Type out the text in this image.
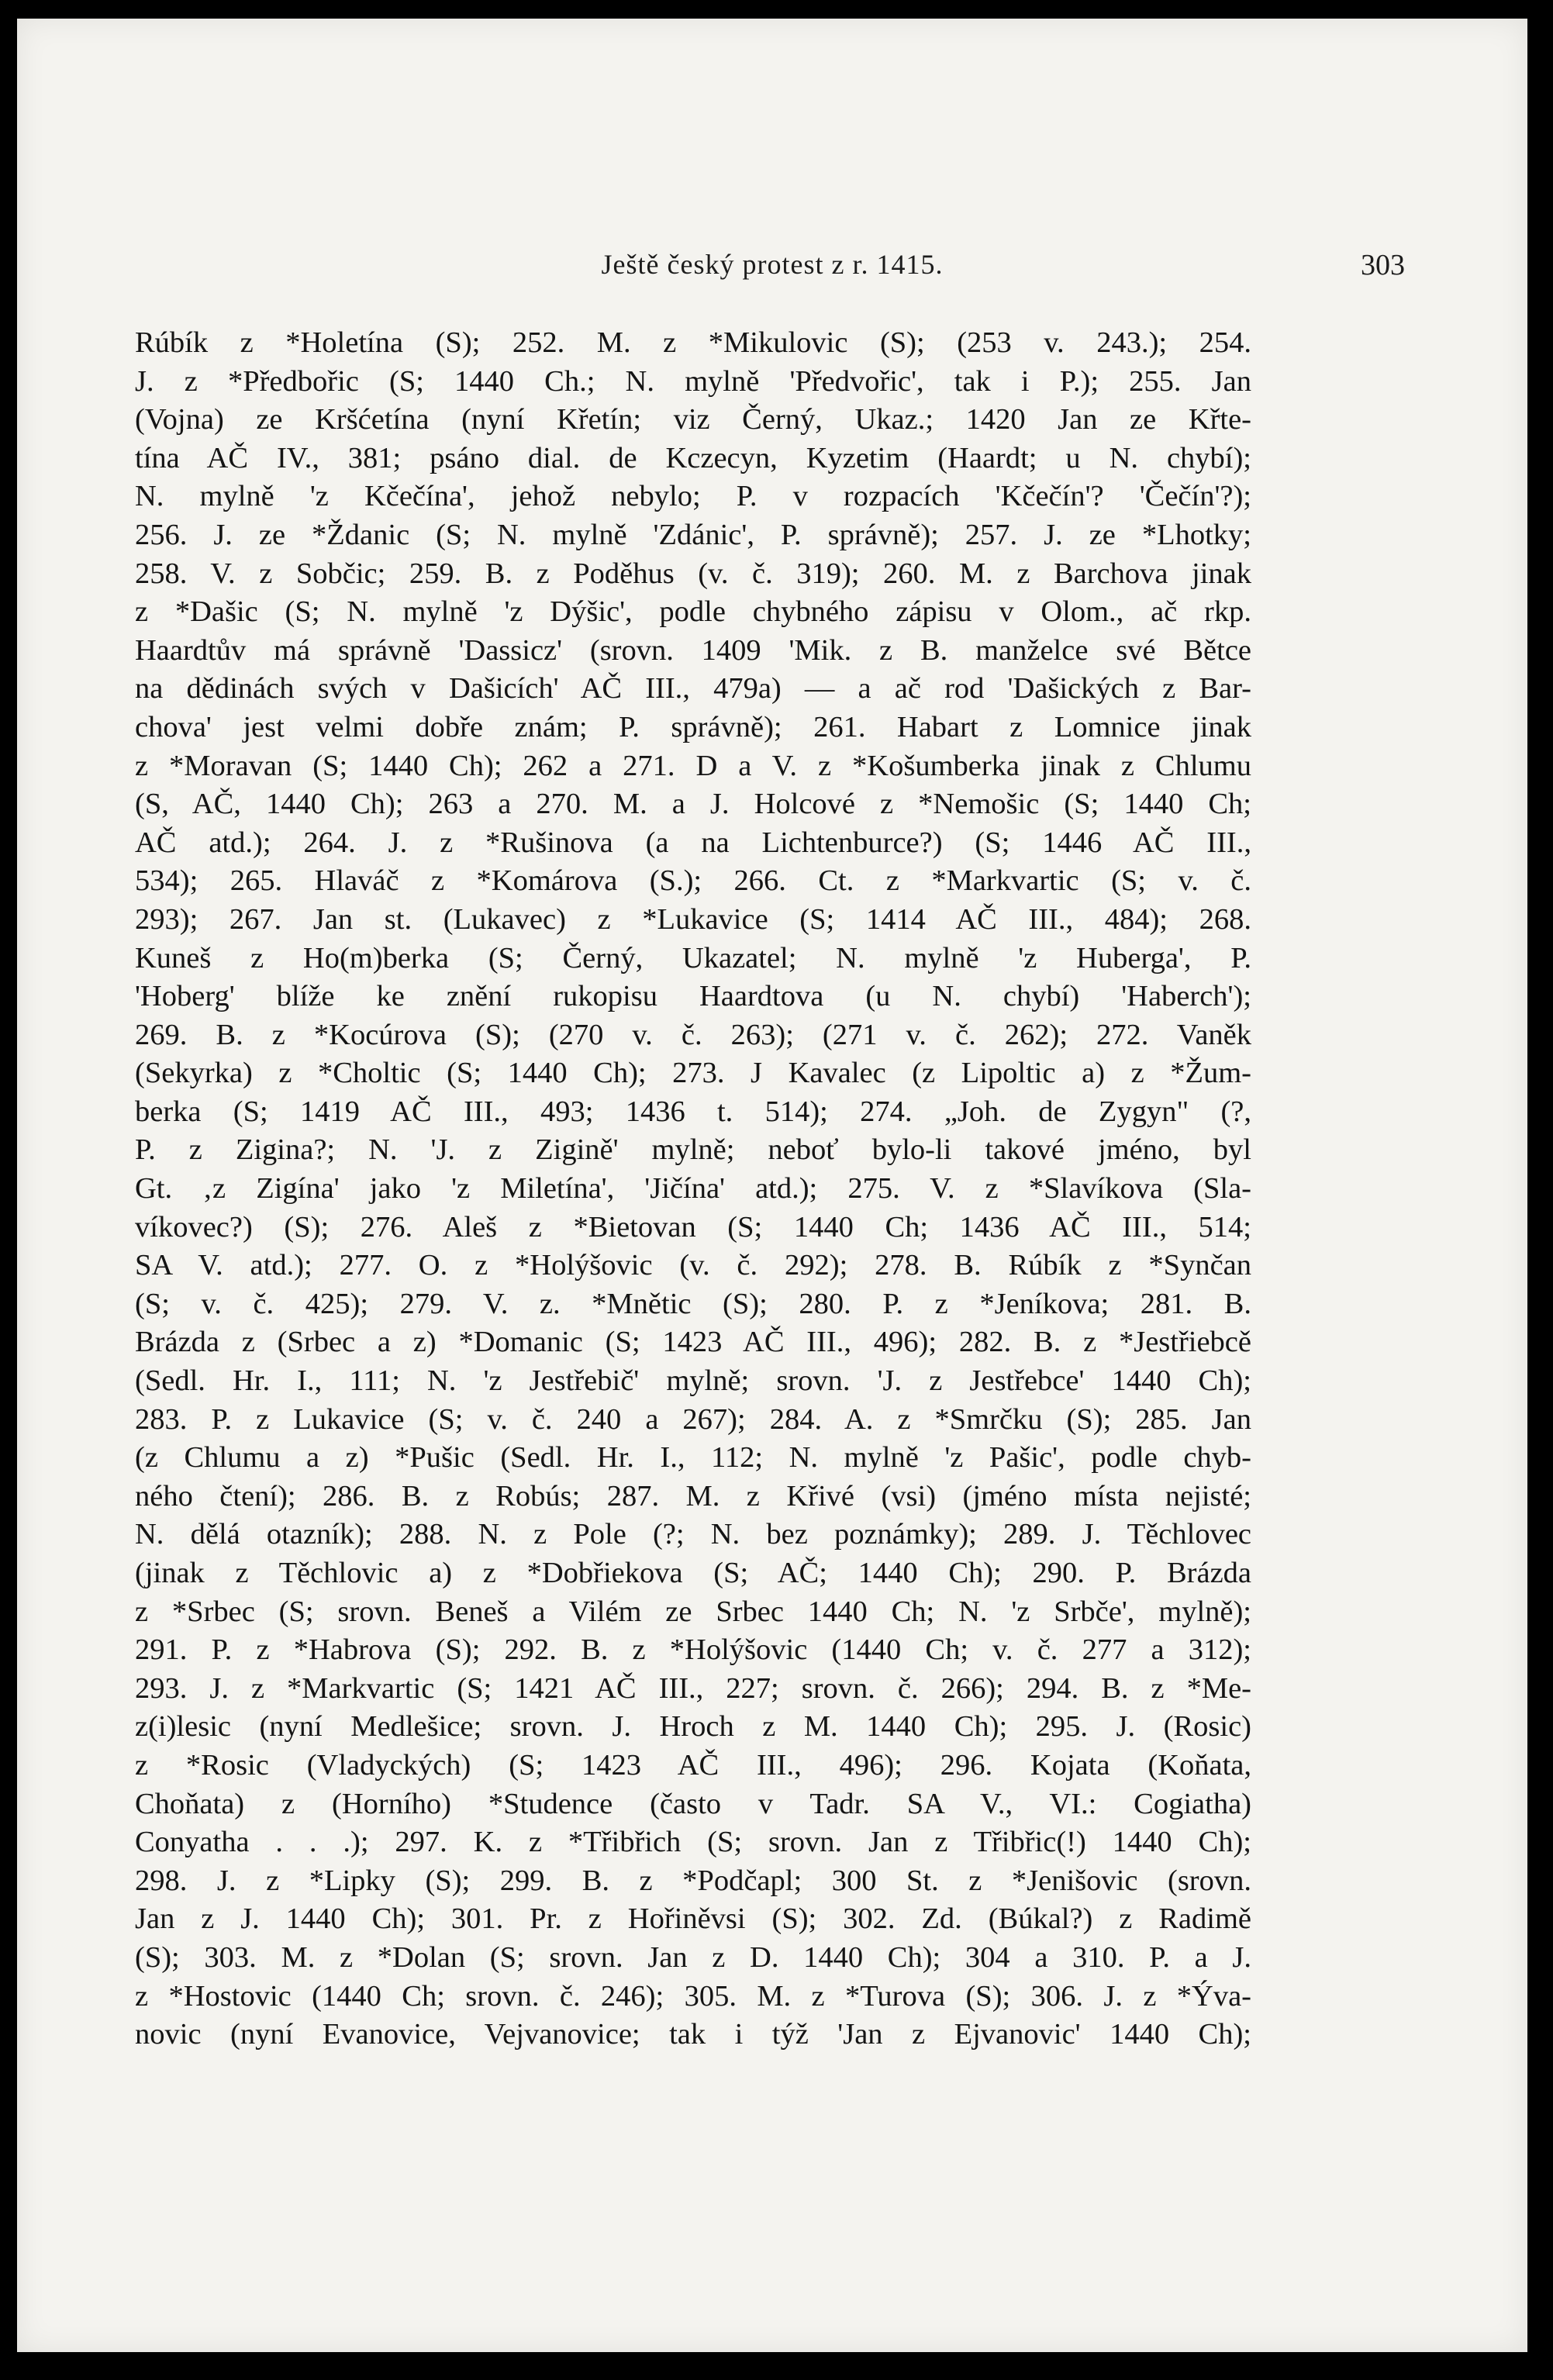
Ještě český protest z r. 1415.	303
Rúbík z *Holetína (S); 252. M. z *Mikulovic (S); (253 v. 243.); 254.
J. z *Předbořic (S; 1440 Ch.; N. mylně 'Předvořic', tak i P.); 255. Jan
(Vojna) ze Kršćetína (nyní Křetín; viz Černý, Ukaz.; 1420 Jan ze Křte-
tína AČ IV., 381; psáno dial. de Kczecyn, Kyzetim (Haardt; u N. chybí);
N. mylně 'z Kčečína', jehož nebylo; P. v rozpacích 'Kčečín'? 'Čečín'?);
256. J. ze *Ždanic (S; N. mylně 'Zdánic', P. správně); 257. J. ze *Lhotky;
258. V. z Sobčic; 259. B. z Poděhus (v. č. 319); 260. M. z Barchova jinak
z *Dašic (S; N. mylně 'z Dýšic', podle chybného zápisu v Olom., ač rkp.
Haardtův má správně 'Dassicz' (srovn. 1409 'Mik. z B. manželce své Bětce
na dědinách svých v Dašicích' AČ III., 479a) — a ač rod 'Dašických z Bar-
chova' jest velmi dobře znám; P. správně); 261. Habart z Lomnice jinak
z *Moravan (S; 1440 Ch); 262 a 271. D a V. z *Košumberka jinak z Chlumu
(S, AČ, 1440 Ch); 263 a 270. M. a J. Holcové z *Nemošic (S; 1440 Ch;
AČ atd.); 264. J. z *Rušinova (a na Lichtenburce?) (S; 1446 AČ III.,
534); 265. Hlaváč z *Komárova (S.); 266. Ct. z *Markvartic (S; v. č.
293); 267. Jan st. (Lukavec) z *Lukavice (S; 1414 AČ III., 484); 268.
Kuneš z Ho(m)berka (S; Černý, Ukazatel; N. mylně 'z Huberga', P.
'Hoberg' blíže ke znění rukopisu Haardtova (u N. chybí) 'Haberch');
269. B. z *Kocúrova (S); (270 v. č. 263); (271 v. č. 262); 272. Vaněk
(Sekyrka) z *Choltic (S; 1440 Ch); 273. J Kavalec (z Lipoltic a) z *Žum-
berka (S; 1419 AČ III., 493; 1436 t. 514); 274. „Joh. de Zygyn" (?,
P. z Zigina?; N. 'J. z Zigině' mylně; neboť bylo-li takové jméno, byl
Gt. ‚z Zigína' jako 'z Miletína', 'Jičína' atd.); 275. V. z *Slavíkova (Sla-
víkovec?) (S); 276. Aleš z *Bietovan (S; 1440 Ch; 1436 AČ III., 514;
SA V. atd.); 277. O. z *Holýšovic (v. č. 292); 278. B. Rúbík z *Synčan
(S; v. č. 425); 279. V. z. *Mnětic (S); 280. P. z *Jeníkova; 281. B.
Brázda z (Srbec a z) *Domanic (S; 1423 AČ III., 496); 282. B. z *Jestřiebcě
(Sedl. Hr. I., 111; N. 'z Jestřebič' mylně; srovn. 'J. z Jestřebce' 1440 Ch);
283. P. z Lukavice (S; v. č. 240 a 267); 284. A. z *Smrčku (S); 285. Jan
(z Chlumu a z) *Pušic (Sedl. Hr. I., 112; N. mylně 'z Pašic', podle chyb-
ného čtení); 286. B. z Robús; 287. M. z Křivé (vsi) (jméno místa nejisté;
N. dělá otazník); 288. N. z Pole (?; N. bez poznámky); 289. J. Těchlovec
(jinak z Těchlovic a) z *Dobřiekova (S; AČ; 1440 Ch); 290. P. Brázda
z *Srbec (S; srovn. Beneš a Vilém ze Srbec 1440 Ch; N. 'z Srbče', mylně);
291. P. z *Habrova (S); 292. B. z *Holýšovic (1440 Ch; v. č. 277 a 312);
293. J. z *Markvartic (S; 1421 AČ III., 227; srovn. č. 266); 294. B. z *Me-
z(i)lesic (nyní Medlešice; srovn. J. Hroch z M. 1440 Ch); 295. J. (Rosic)
z *Rosic (Vladyckých) (S; 1423 AČ III., 496); 296. Kojata (Koňata,
Choňata) z (Horního) *Studence (často v Tadr. SA V., VI.: Cogiatha)
Conyatha . . .); 297. K. z *Třibřich (S; srovn. Jan z Třibřic(!) 1440 Ch);
298. J. z *Lipky (S); 299. B. z *Podčapl; 300 St. z *Jenišovic (srovn.
Jan z J. 1440 Ch); 301. Pr. z Hořiněvsi (S); 302. Zd. (Búkal?) z Radimě
(S); 303. M. z *Dolan (S; srovn. Jan z D. 1440 Ch); 304 a 310. P. a J.
z *Hostovic (1440 Ch; srovn. č. 246); 305. M. z *Turova (S); 306. J. z *Ýva-
novic (nyní Evanovice, Vejvanovice; tak i týž 'Jan z Ejvanovic' 1440 Ch);
